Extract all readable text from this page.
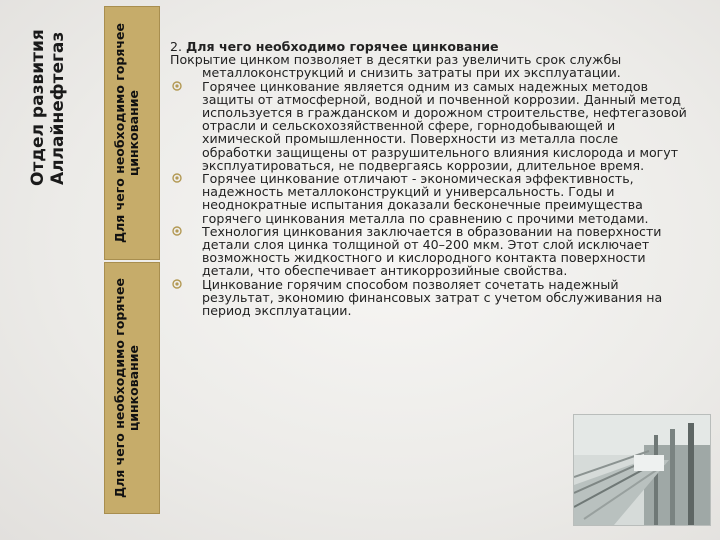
Отдел развития
Аллайнефтегаз
Для чего необходимо горячее
цинкование
Для чего необходимо горячее
цинкование
2. Для чего необходимо горячее цинкование
Покрытие цинком позволяет в десятки раз увеличить срок службы
металлоконструкций и снизить затраты при их эксплуатации.
Горячее цинкование является одним из самых надежных методов защиты от атмосферной, водной и почвенной коррозии. Данный метод используется в гражданском и дорожном строительстве, нефтегазовой отрасли и сельскохозяйственной сфере, горнодобывающей и химической промышленности. Поверхности из металла после обработки защищены от разрушительного влияния кислорода и могут эксплуатироваться, не подвергаясь коррозии, длительное время.
Горячее цинкование отличают - экономическая эффективность, надежность металлоконструкций и универсальность. Годы и неоднократные испытания доказали бесконечные преимущества горячего цинкования металла по сравнению с прочими методами.
Технология цинкования заключается в образовании на поверхности детали слоя цинка толщиной от 40–200 мкм. Этот слой исключает возможность жидкостного и кислородного контакта поверхности детали, что обеспечивает антикоррозийные свойства.
Цинкование горячим способом позволяет сочетать надежный результат, экономию финансовых затрат с учетом обслуживания на период эксплуатации.
